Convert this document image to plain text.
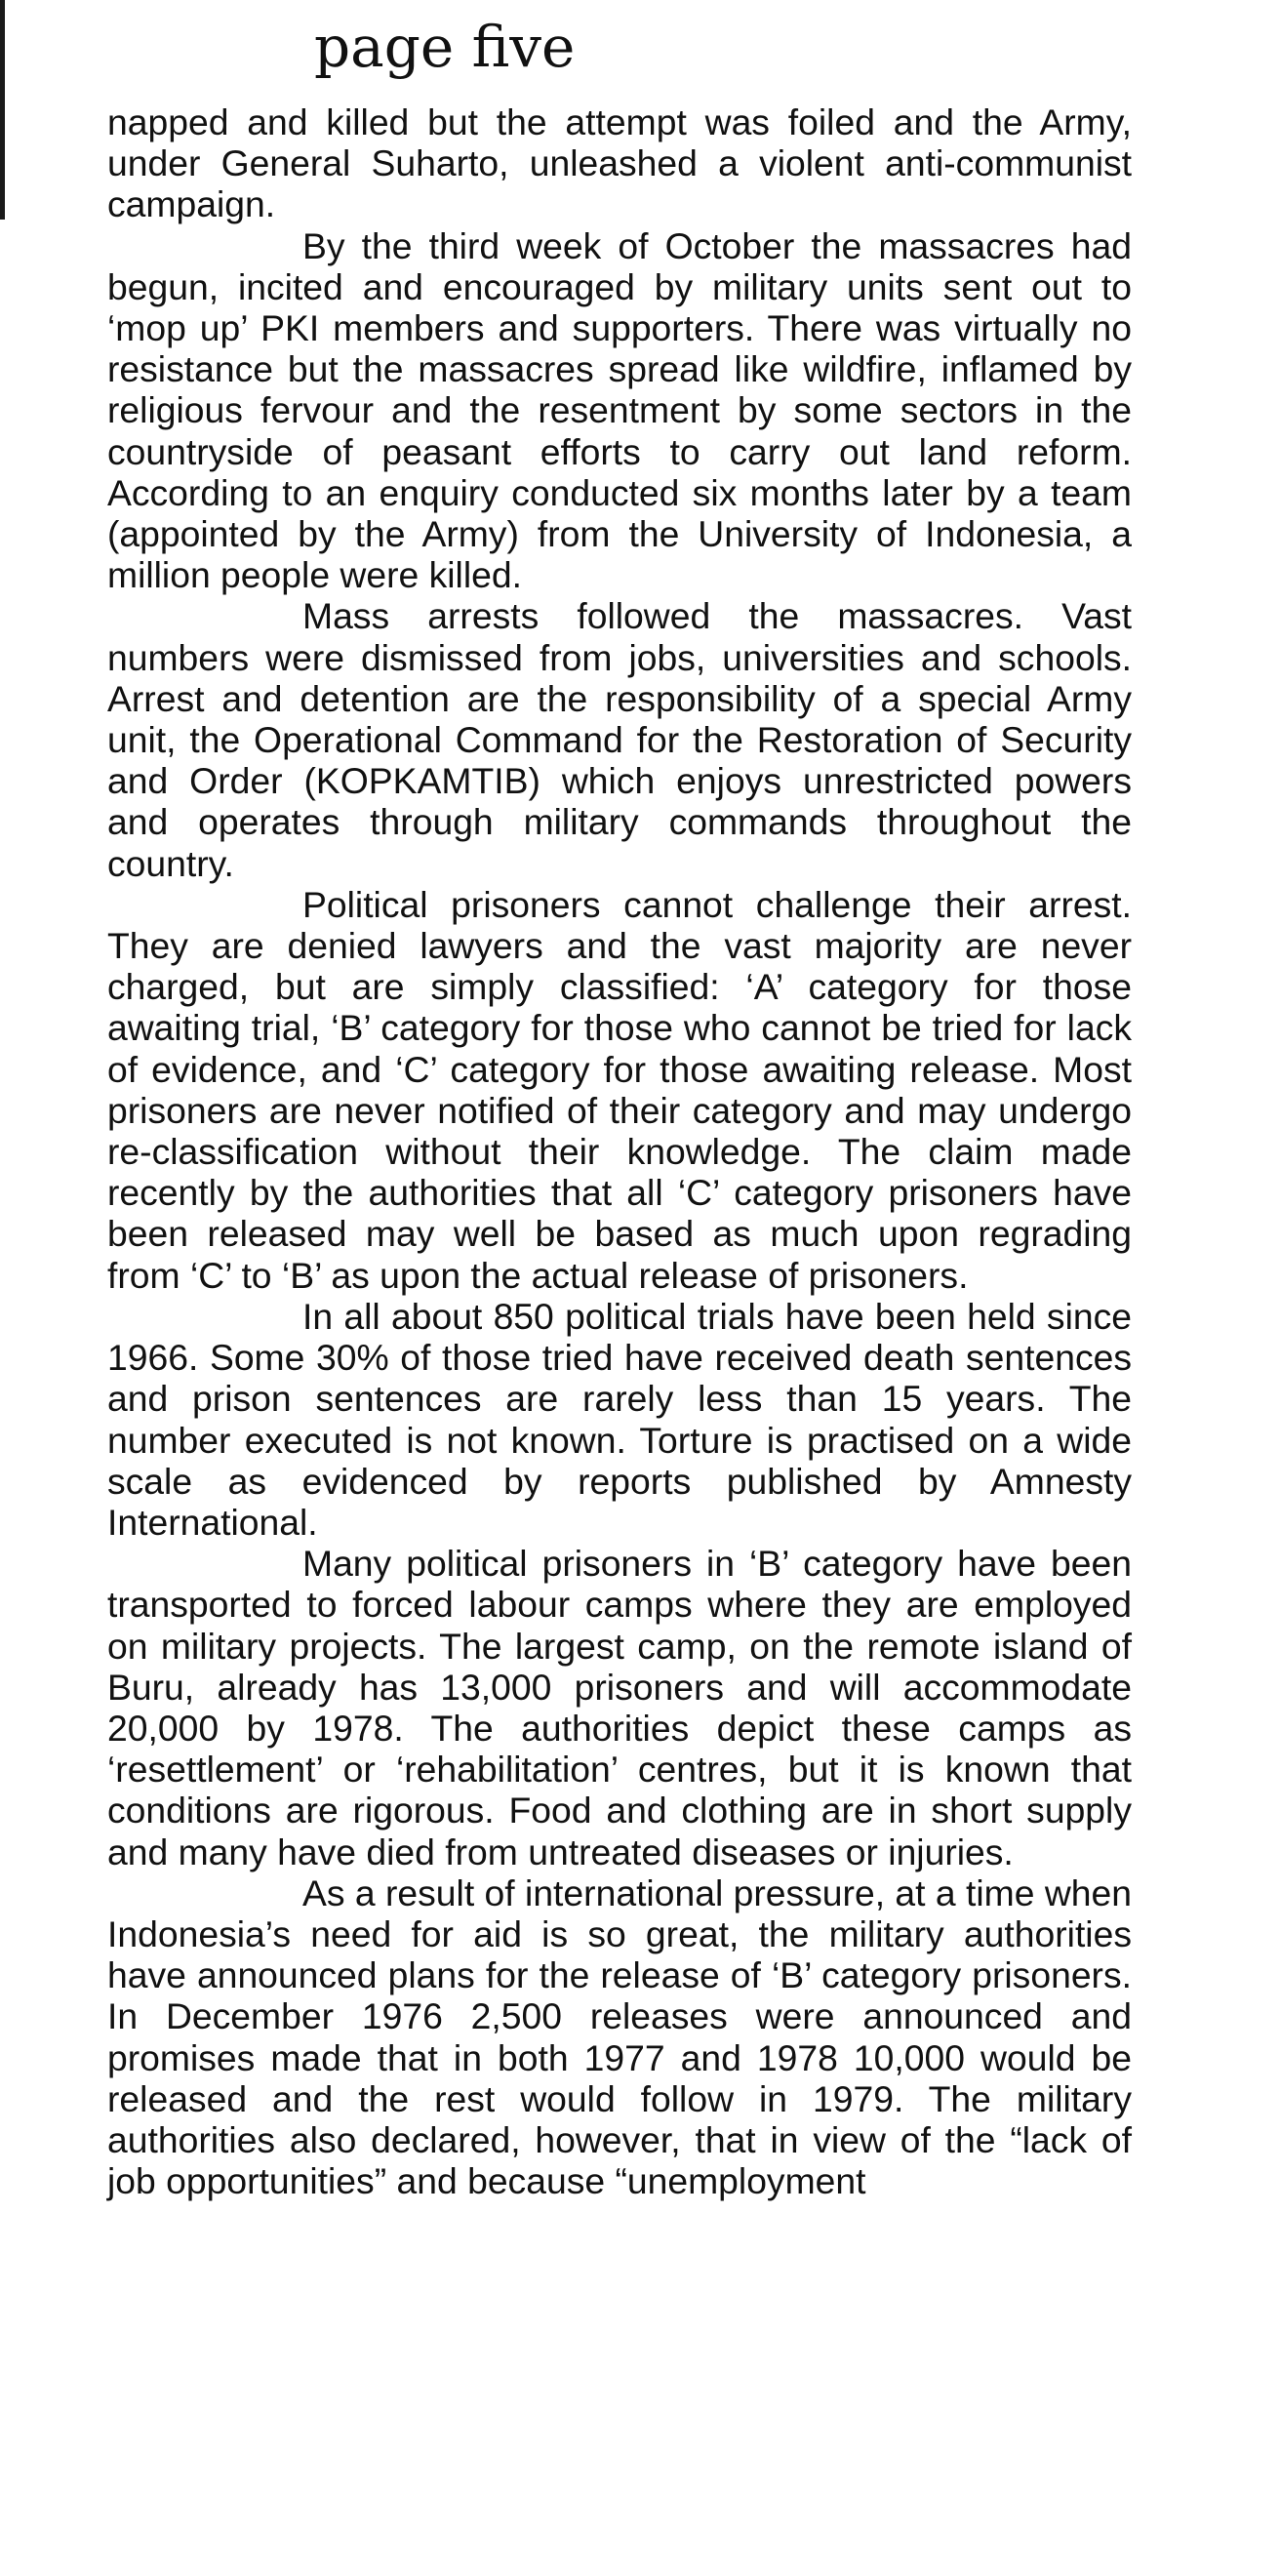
page five

napped and killed but the attempt was foiled and the Army, under General Suharto, unleashed a violent anti-communist campaign.

By the third week of October the massacres had begun, incited and encouraged by military units sent out to ‘mop up’ PKI members and supporters. There was virtually no resistance but the massacres spread like wildfire, inflamed by religious fervour and the resentment by some sectors in the countryside of peasant efforts to carry out land reform. According to an enquiry conducted six months later by a team (appointed by the Army) from the University of Indonesia, a million people were killed.

Mass arrests followed the massacres. Vast numbers were dismissed from jobs, universities and schools. Arrest and detention are the responsibility of a special Army unit, the Operational Command for the Restoration of Security and Order (KOPKAMTIB) which enjoys unrestricted powers and operates through military commands throughout the country.

Political prisoners cannot challenge their arrest. They are denied lawyers and the vast majority are never charged, but are simply classified: ‘A’ category for those awaiting trial, ‘B’ category for those who cannot be tried for lack of evidence, and ‘C’ category for those awaiting release. Most prisoners are never notified of their category and may undergo re-classification without their knowledge. The claim made recently by the authorities that all ‘C’ category prisoners have been released may well be based as much upon regrading from ‘C’ to ‘B’ as upon the actual release of prisoners.

In all about 850 political trials have been held since 1966. Some 30% of those tried have received death sentences and prison sentences are rarely less than 15 years. The number executed is not known. Torture is practised on a wide scale as evidenced by reports published by Amnesty International.

Many political prisoners in ‘B’ category have been transported to forced labour camps where they are employed on military projects. The largest camp, on the remote island of Buru, already has 13,000 prisoners and will accommodate 20,000 by 1978. The authorities depict these camps as ‘resettlement’ or ‘rehabilitation’ centres, but it is known that conditions are rigorous. Food and clothing are in short supply and many have died from untreated diseases or injuries.

As a result of international pressure, at a time when Indonesia’s need for aid is so great, the military authorities have announced plans for the release of ‘B’ category prisoners. In December 1976 2,500 releases were announced and promises made that in both 1977 and 1978 10,000 would be released and the rest would follow in 1979. The military authorities also declared, however, that in view of the “lack of job opportunities” and because “unemployment
